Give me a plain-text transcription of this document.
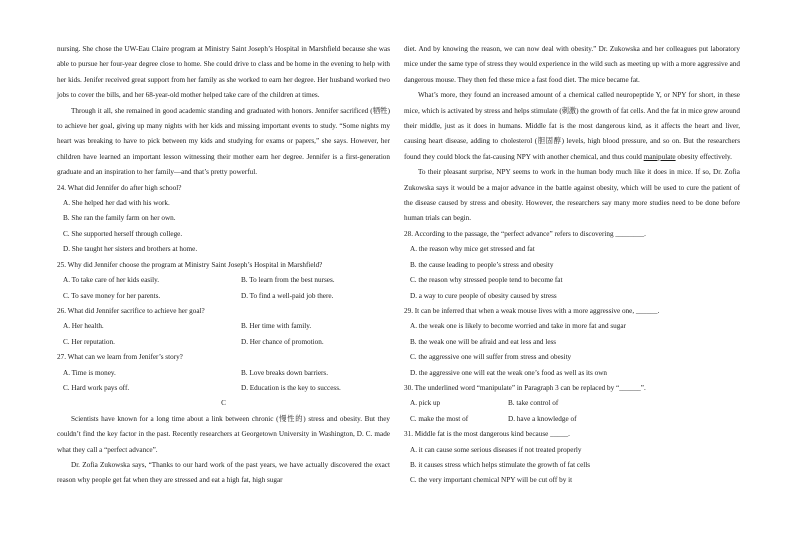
nursing. She chose the UW-Eau Claire program at Ministry Saint Joseph’s Hospital in Marshfield because she was able to pursue her four-year degree close to home. She could drive to class and be home in the evening to help with her kids. Jenifer received great support from her family as she worked to earn her degree. Her husband worked two jobs to cover the bills, and her 68-year-old mother helped take care of the children at times.

Through it all, she remained in good academic standing and graduated with honors. Jennifer sacrificed (牺牲) to achieve her goal, giving up many nights with her kids and missing important events to study. “Some nights my heart was breaking to have to pick between my kids and studying for exams or papers,” she says. However, her children have learned an important lesson witnessing their mother earn her degree. Jennifer is a first-generation graduate and an inspiration to her family—and that’s pretty powerful.

24. What did Jennifer do after high school?

A. She helped her dad with his work.

B. She ran the family farm on her own.

C. She supported herself through college.

D. She taught her sisters and brothers at home.

25. Why did Jennifer choose the program at Ministry Saint Joseph’s Hospital in Marshfield?

A. To take care of her kids easily.	B. To learn from the best nurses.
C. To save money for her parents.	D. To find a well-paid job there.

26. What did Jennifer sacrifice to achieve her goal?

A. Her health.	B. Her time with family.
C. Her reputation.	D. Her chance of promotion.

27. What can we learn from Jenifer’s story?

A. Time is money.	B. Love breaks down barriers.
C. Hard work pays off.	D. Education is the key to success.

C

Scientists have known for a long time about a link between chronic (慢性的) stress and obesity. But they couldn’t find the key factor in the past. Recently researchers at Georgetown University in Washington, D. C. made what they call a “perfect advance”.

Dr. Zofia Zukowska says, “Thanks to our hard work of the past years, we have actually discovered the exact reason why people get fat when they are stressed and eat a high fat, high sugar

diet. And by knowing the reason, we can now deal with obesity.” Dr. Zukowska and her colleagues put laboratory mice under the same type of stress they would experience in the wild such as meeting up with a more aggressive and dangerous mouse. They then fed these mice a fast food diet. The mice became fat.

What’s more, they found an increased amount of a chemical called neuropeptide Y, or NPY for short, in these mice, which is activated by stress and helps stimulate (刺激) the growth of fat cells. And the fat in mice grew around their middle, just as it does in humans. Middle fat is the most dangerous kind, as it affects the heart and liver, causing heart disease, adding to cholesterol (胆固醇) levels, high blood pressure, and so on. But the researchers found they could block the fat-causing NPY with another chemical, and thus could manipulate obesity effectively.

To their pleasant surprise, NPY seems to work in the human body much like it does in mice. If so, Dr. Zofia Zukowska says it would be a major advance in the battle against obesity, which will be used to cure the patient of the disease caused by stress and obesity. However, the researchers say many more studies need to be done before human trials can begin.

28. According to the passage, the “perfect advance” refers to discovering ________.

A. the reason why mice get stressed and fat

B. the cause leading to people’s stress and obesity

C. the reason why stressed people tend to become fat

D. a way to cure people of obesity caused by stress

29. It can be inferred that when a weak mouse lives with a more aggressive one, ______.

A. the weak one is likely to become worried and take in more fat and sugar

B. the weak one will be afraid and eat less and less

C. the aggressive one will suffer from stress and obesity

D. the aggressive one will eat the weak one’s food as well as its own

30. The underlined word “manipulate” in Paragraph 3 can be replaced by “______”.

A. pick up	B. take control of
C. make the most of	D. have a knowledge of

31. Middle fat is the most dangerous kind because _____.

A. it can cause some serious diseases if not treated properly

B. it causes stress which helps stimulate the growth of fat cells

C. the very important chemical NPY will be cut off by it
